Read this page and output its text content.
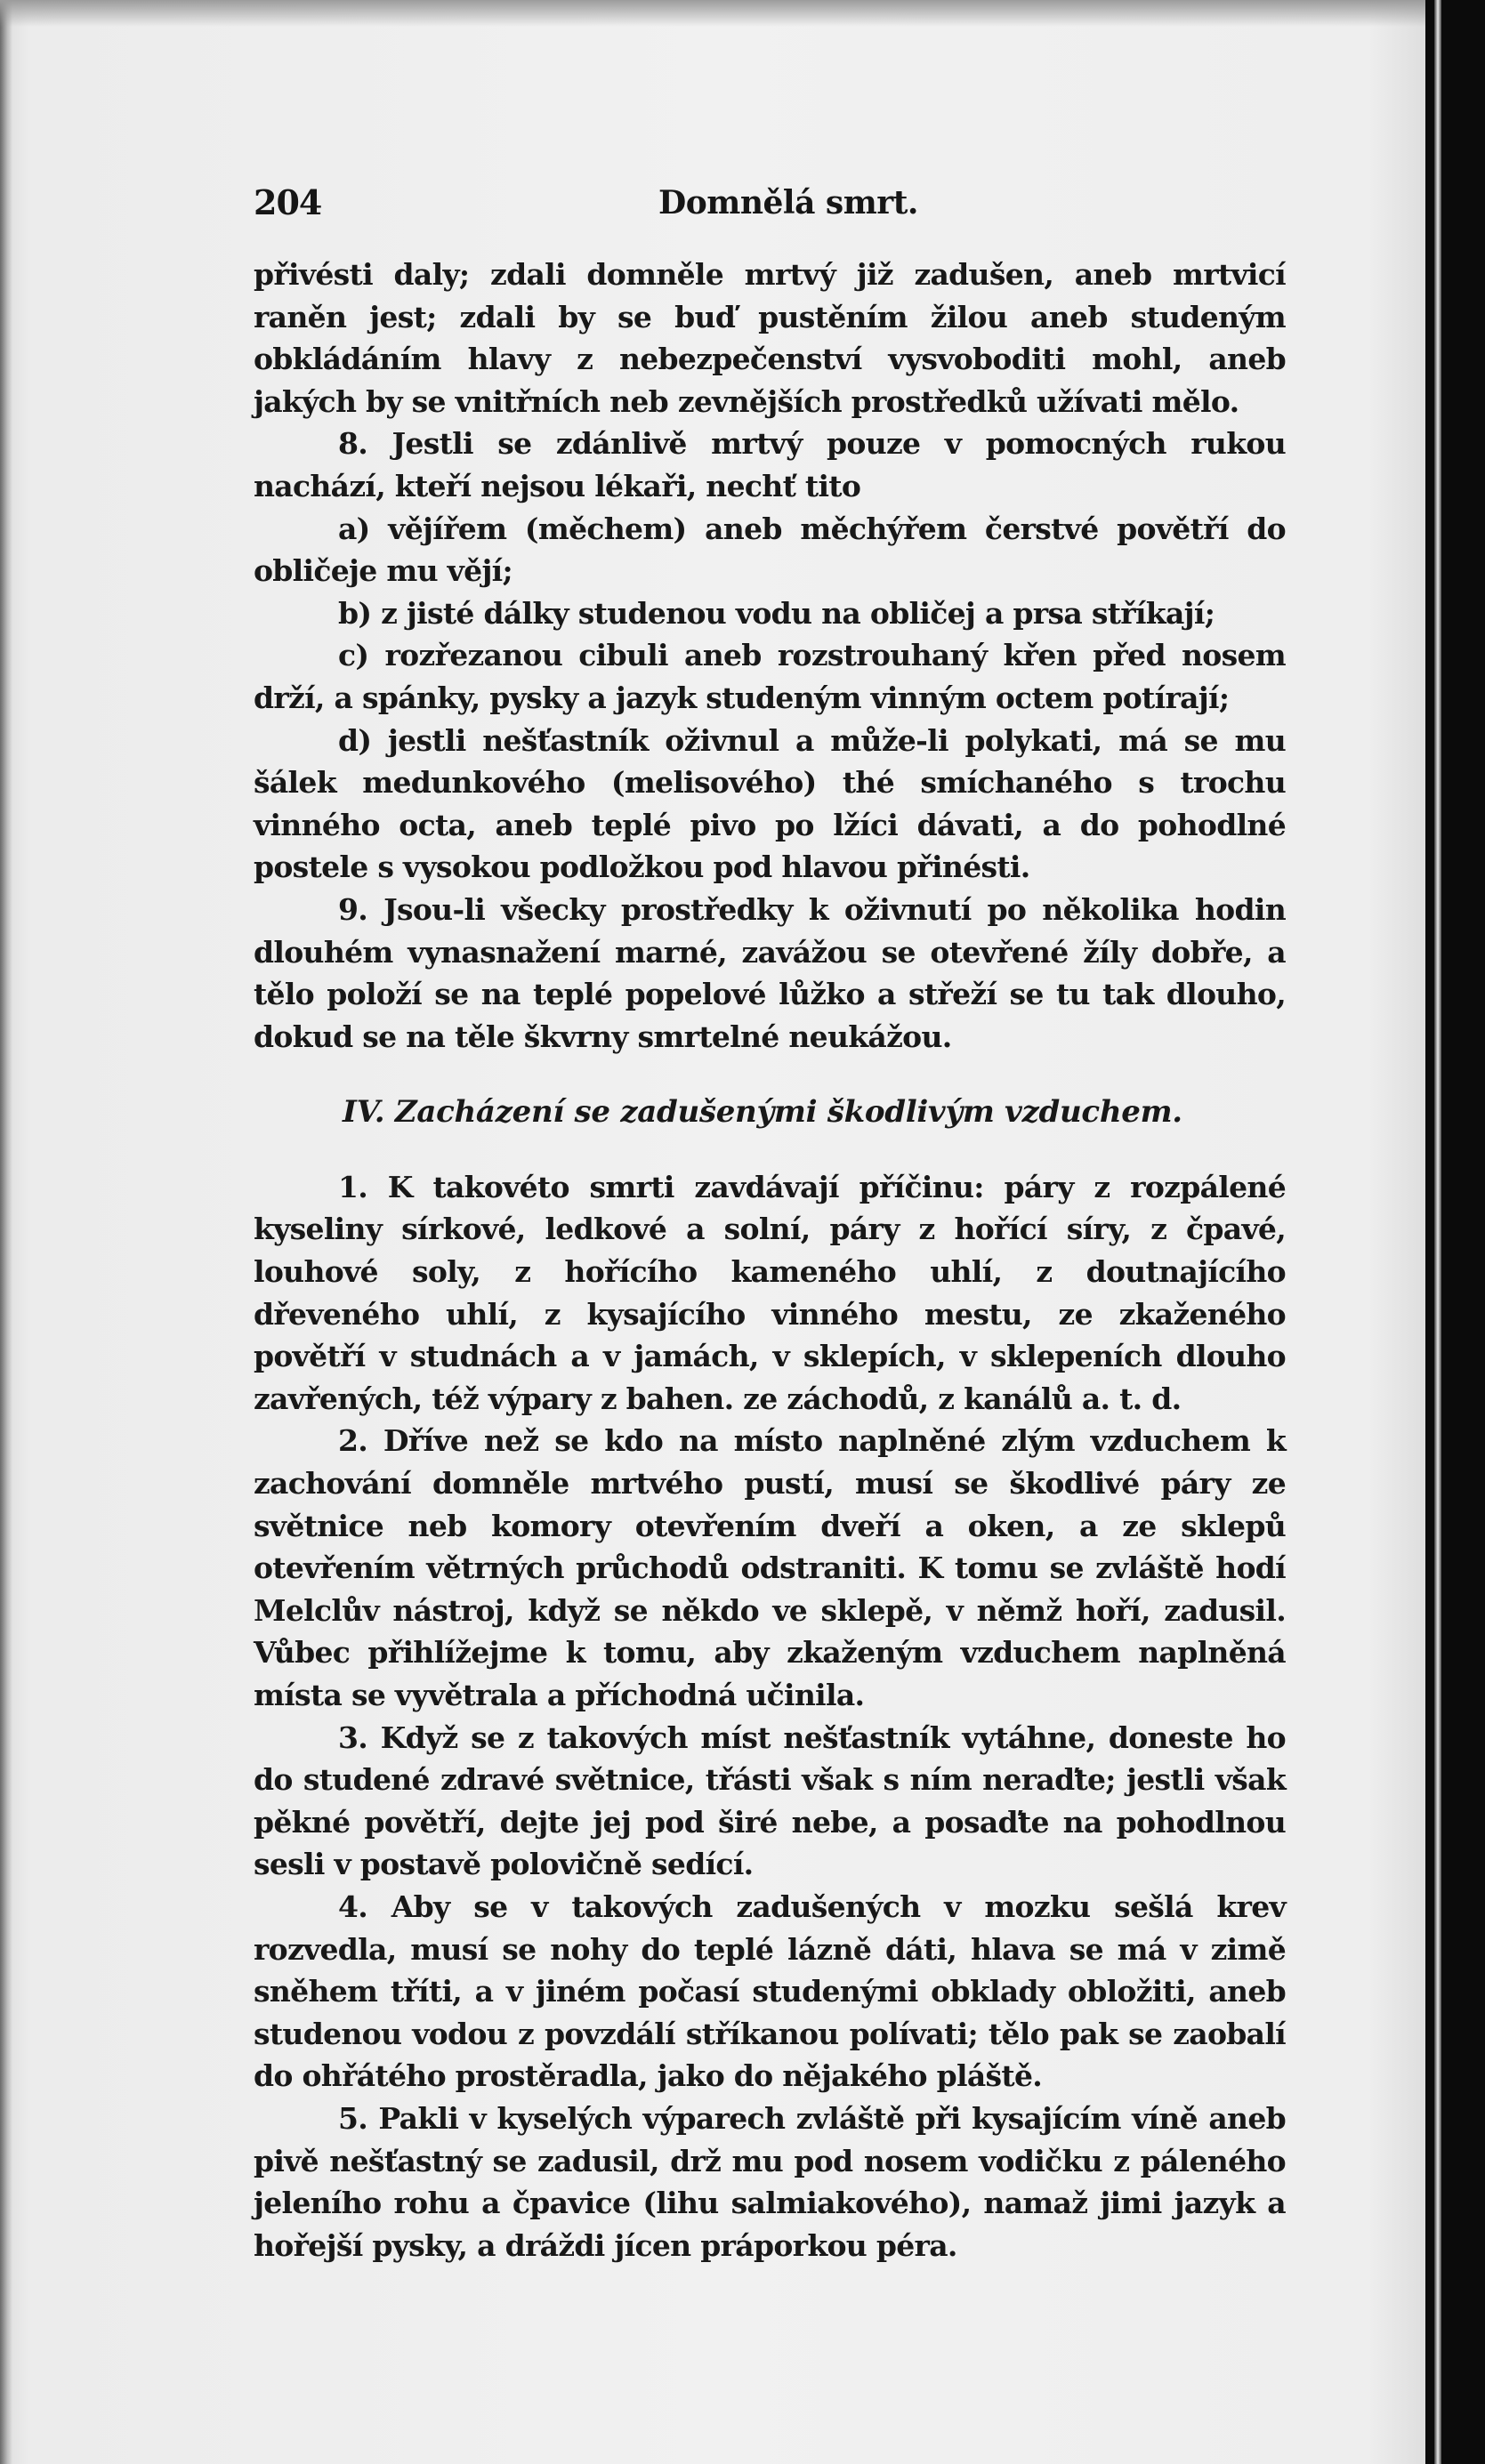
204	Domnělá smrt.

přivésti daly; zdali domněle mrtvý již zadušen, aneb mrtvicí raněn jest; zdali by se buď pustěním žilou aneb studeným obkládáním hlavy z nebezpečenství vysvoboditi mohl, aneb jakých by se vnitřních neb zevnějších prostředků užívati mělo.

8. Jestli se zdánlivě mrtvý pouze v pomocných rukou nachází, kteří nejsou lékaři, nechť tito

a) vějířem (měchem) aneb měchýřem čerstvé povětří do obličeje mu vějí;

b) z jisté dálky studenou vodu na obličej a prsa stříkají;

c) rozřezanou cibuli aneb rozstrouhaný křen před nosem drží, a spánky, pysky a jazyk studeným vinným octem potírají;

d) jestli nešťastník oživnul a může-li polykati, má se mu šálek medunkového (melisového) thé smíchaného s trochu vinného octa, aneb teplé pivo po lžíci dávati, a do pohodlné postele s vysokou podložkou pod hlavou přinésti.

9. Jsou-li všecky prostředky k oživnutí po několika hodin dlouhém vynasnažení marné, zavážou se otevřené žíly dobře, a tělo položí se na teplé popelové lůžko a střeží se tu tak dlouho, dokud se na těle škvrny smrtelné neukážou.

IV. Zacházení se zadušenými škodlivým vzduchem.

1. K takovéto smrti zavdávají příčinu: páry z rozpálené kyseliny sírkové, ledkové a solní, páry z hořící síry, z čpavé, louhové soly, z hořícího kameného uhlí, z doutnajícího dřeveného uhlí, z kysajícího vinného mestu, ze zkaženého povětří v studnách a v jamách, v sklepích, v sklepeních dlouho zavřených, též výpary z bahen. ze záchodů, z kanálů a. t. d.

2. Dříve než se kdo na místo naplněné zlým vzduchem k zachování domněle mrtvého pustí, musí se škodlivé páry ze světnice neb komory otevřením dveří a oken, a ze sklepů otevřením větrných průchodů odstraniti. K tomu se zvláště hodí Melclův nástroj, když se někdo ve sklepě, v němž hoří, zadusil. Vůbec přihlížejme k tomu, aby zkaženým vzduchem naplněná místa se vyvětrala a příchodná učinila.

3. Když se z takových míst nešťastník vytáhne, doneste ho do studené zdravé světnice, třásti však s ním neraďte; jestli však pěkné povětří, dejte jej pod širé nebe, a posaďte na pohodlnou sesli v postavě polovičně sedící.

4. Aby se v takových zadušených v mozku sešlá krev rozvedla, musí se nohy do teplé lázně dáti, hlava se má v zimě sněhem tříti, a v jiném počasí studenými obklady obložiti, aneb studenou vodou z povzdálí stříkanou polívati; tělo pak se zaobalí do ohřátého prostěradla, jako do nějakého pláště.

5. Pakli v kyselých výparech zvláště při kysajícím víně aneb pivě nešťastný se zadusil, drž mu pod nosem vodičku z páleného jeleního rohu a čpavice (lihu salmiakového), namaž jimi jazyk a hořejší pysky, a dráždi jícen práporkou péra.
